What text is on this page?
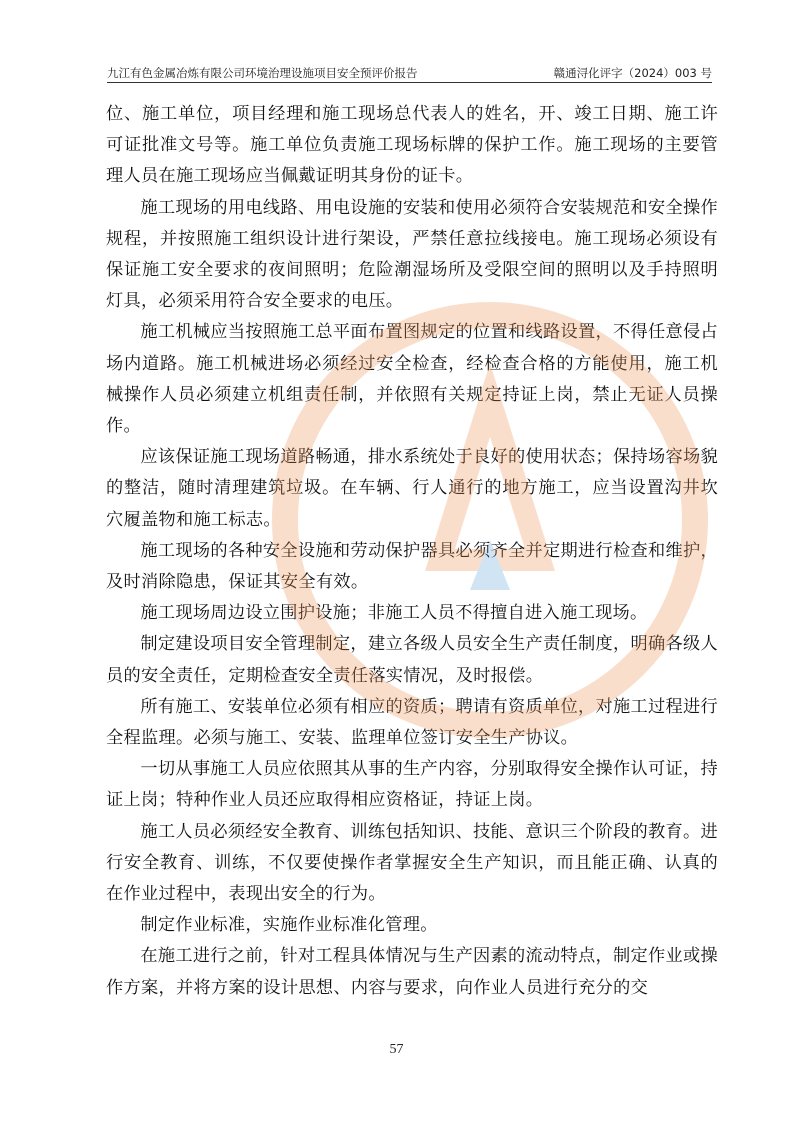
九江有色金属冶炼有限公司环境治理设施项目安全预评价报告	赣通浔化评字（2024）003 号

位、施工单位，项目经理和施工现场总代表人的姓名，开、竣工日期、施工许可证批准文号等。施工单位负责施工现场标牌的保护工作。施工现场的主要管理人员在施工现场应当佩戴证明其身份的证卡。

施工现场的用电线路、用电设施的安装和使用必须符合安装规范和安全操作规程，并按照施工组织设计进行架设，严禁任意拉线接电。施工现场必须设有保证施工安全要求的夜间照明；危险潮湿场所及受限空间的照明以及手持照明灯具，必须采用符合安全要求的电压。

施工机械应当按照施工总平面布置图规定的位置和线路设置，不得任意侵占场内道路。施工机械进场必须经过安全检查，经检查合格的方能使用，施工机械操作人员必须建立机组责任制，并依照有关规定持证上岗，禁止无证人员操作。

应该保证施工现场道路畅通，排水系统处于良好的使用状态；保持场容场貌的整洁，随时清理建筑垃圾。在车辆、行人通行的地方施工，应当设置沟井坎穴履盖物和施工标志。

施工现场的各种安全设施和劳动保护器具必须齐全并定期进行检查和维护，及时消除隐患，保证其安全有效。

施工现场周边设立围护设施；非施工人员不得擅自进入施工现场。

制定建设项目安全管理制定，建立各级人员安全生产责任制度，明确各级人员的安全责任，定期检查安全责任落实情况，及时报偿。

所有施工、安装单位必须有相应的资质；聘请有资质单位，对施工过程进行全程监理。必须与施工、安装、监理单位签订安全生产协议。

一切从事施工人员应依照其从事的生产内容，分别取得安全操作认可证，持证上岗；特种作业人员还应取得相应资格证，持证上岗。

施工人员必须经安全教育、训练包括知识、技能、意识三个阶段的教育。进行安全教育、训练，不仅要使操作者掌握安全生产知识，而且能正确、认真的在作业过程中，表现出安全的行为。

制定作业标准，实施作业标准化管理。

在施工进行之前，针对工程具体情况与生产因素的流动特点，制定作业或操作方案，并将方案的设计思想、内容与要求，向作业人员进行充分的交

57
